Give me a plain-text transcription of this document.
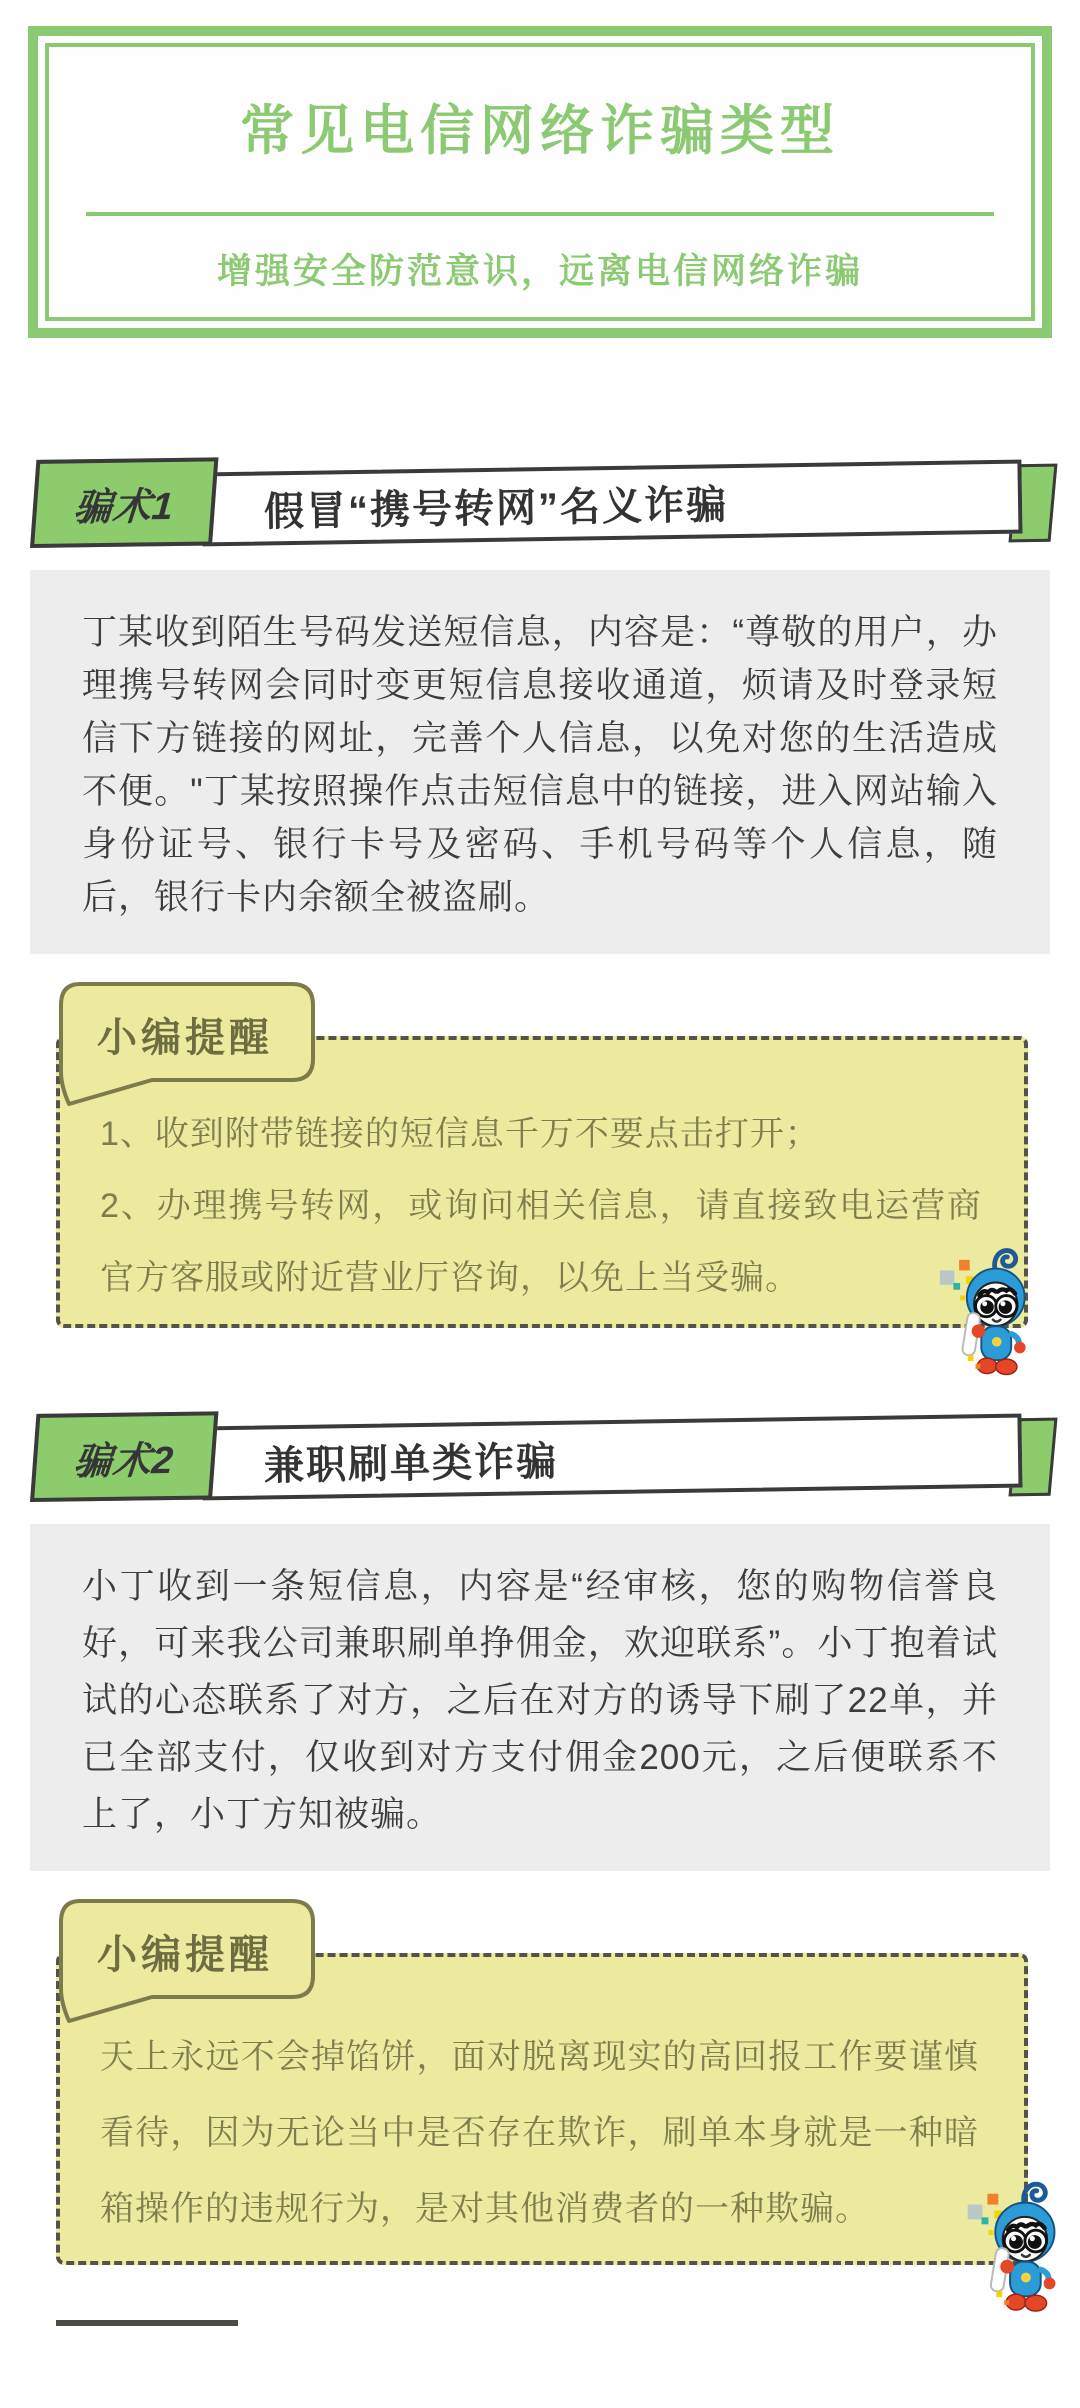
常见电信网络诈骗类型
增强安全防范意识，远离电信网络诈骗
假冒“携号转网”名义诈骗
骗术1
丁某收到陌生号码发送短信息，内容是：“尊敬的用户，办理携号转网会同时变更短信息接收通道，烦请及时登录短信下方链接的网址，完善个人信息，以免对您的生活造成不便。"丁某按照操作点击短信息中的链接，进入网站输入身份证号、银行卡号及密码、手机号码等个人信息，随后，银行卡内余额全被盗刷。
小编提醒

1、收到附带链接的短信息千万不要点击打开；

2、办理携号转网，或询问相关信息，请直接致电运营商官方客服或附近营业厅咨询，以免上当受骗。

兼职刷单类诈骗
骗术2
小丁收到一条短信息，内容是“经审核，您的购物信誉良好，可来我公司兼职刷单挣佣金，欢迎联系”。小丁抱着试试的心态联系了对方，之后在对方的诱导下刷了22单，并已全部支付，仅收到对方支付佣金200元，之后便联系不上了，小丁方知被骗。
小编提醒

天上永远不会掉馅饼，面对脱离现实的高回报工作要谨慎看待，因为无论当中是否存在欺诈，刷单本身就是一种暗箱操作的违规行为，是对其他消费者的一种欺骗。
